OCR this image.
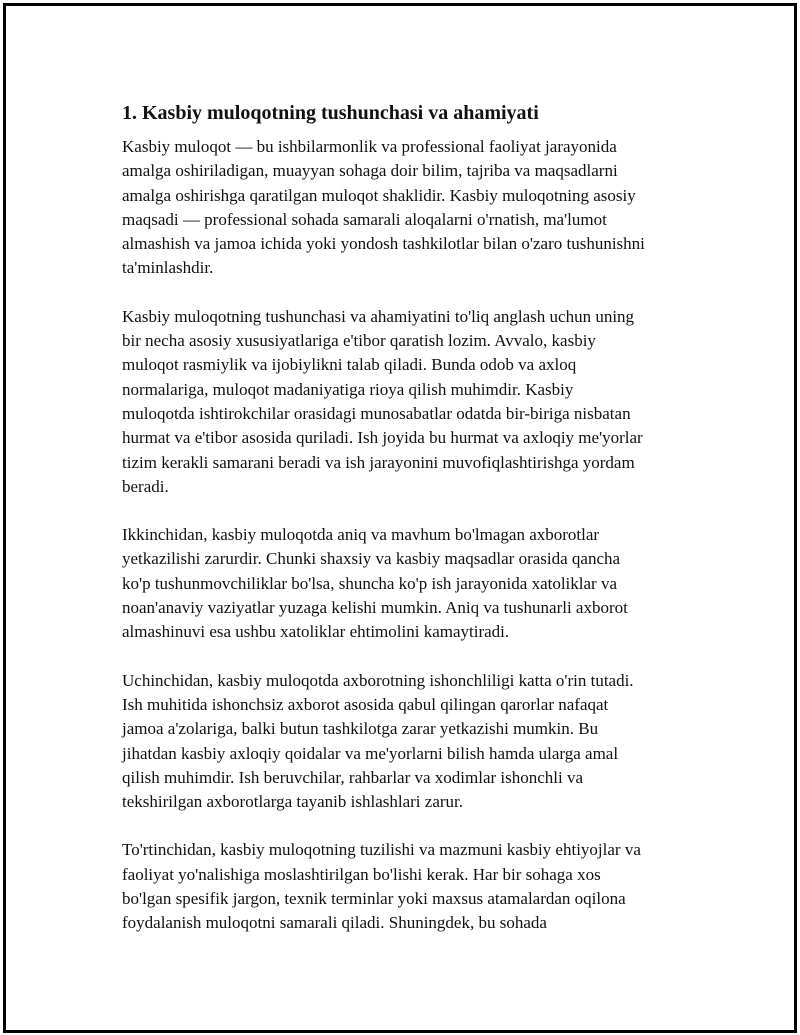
1. Kasbiy muloqotning tushunchasi va ahamiyati

Kasbiy muloqot — bu ishbilarmonlik va professional faoliyat jarayonida
amalga oshiriladigan, muayyan sohaga doir bilim, tajriba va maqsadlarni
amalga oshirishga qaratilgan muloqot shaklidir. Kasbiy muloqotning asosiy
maqsadi — professional sohada samarali aloqalarni o'rnatish, ma'lumot
almashish va jamoa ichida yoki yondosh tashkilotlar bilan o'zaro tushunishni
ta'minlashdir.

Kasbiy muloqotning tushunchasi va ahamiyatini to'liq anglash uchun uning
bir necha asosiy xususiyatlariga e'tibor qaratish lozim. Avvalo, kasbiy
muloqot rasmiylik va ijobiylikni talab qiladi. Bunda odob va axloq
normalariga, muloqot madaniyatiga rioya qilish muhimdir. Kasbiy
muloqotda ishtirokchilar orasidagi munosabatlar odatda bir-biriga nisbatan
hurmat va e'tibor asosida quriladi. Ish joyida bu hurmat va axloqiy me'yorlar
tizim kerakli samarani beradi va ish jarayonini muvofiqlashtirishga yordam
beradi.

Ikkinchidan, kasbiy muloqotda aniq va mavhum bo'lmagan axborotlar
yetkazilishi zarurdir. Chunki shaxsiy va kasbiy maqsadlar orasida qancha
ko'p tushunmovchiliklar bo'lsa, shuncha ko'p ish jarayonida xatoliklar va
noan'anaviy vaziyatlar yuzaga kelishi mumkin. Aniq va tushunarli axborot
almashinuvi esa ushbu xatoliklar ehtimolini kamaytiradi.

Uchinchidan, kasbiy muloqotda axborotning ishonchliligi katta o'rin tutadi.
Ish muhitida ishonchsiz axborot asosida qabul qilingan qarorlar nafaqat
jamoa a'zolariga, balki butun tashkilotga zarar yetkazishi mumkin. Bu
jihatdan kasbiy axloqiy qoidalar va me'yorlarni bilish hamda ularga amal
qilish muhimdir. Ish beruvchilar, rahbarlar va xodimlar ishonchli va
tekshirilgan axborotlarga tayanib ishlashlari zarur.

To'rtinchidan, kasbiy muloqotning tuzilishi va mazmuni kasbiy ehtiyojlar va
faoliyat yo'nalishiga moslashtirilgan bo'lishi kerak. Har bir sohaga xos
bo'lgan spesifik jargon, texnik terminlar yoki maxsus atamalardan oqilona
foydalanish muloqotni samarali qiladi. Shuningdek, bu sohada
